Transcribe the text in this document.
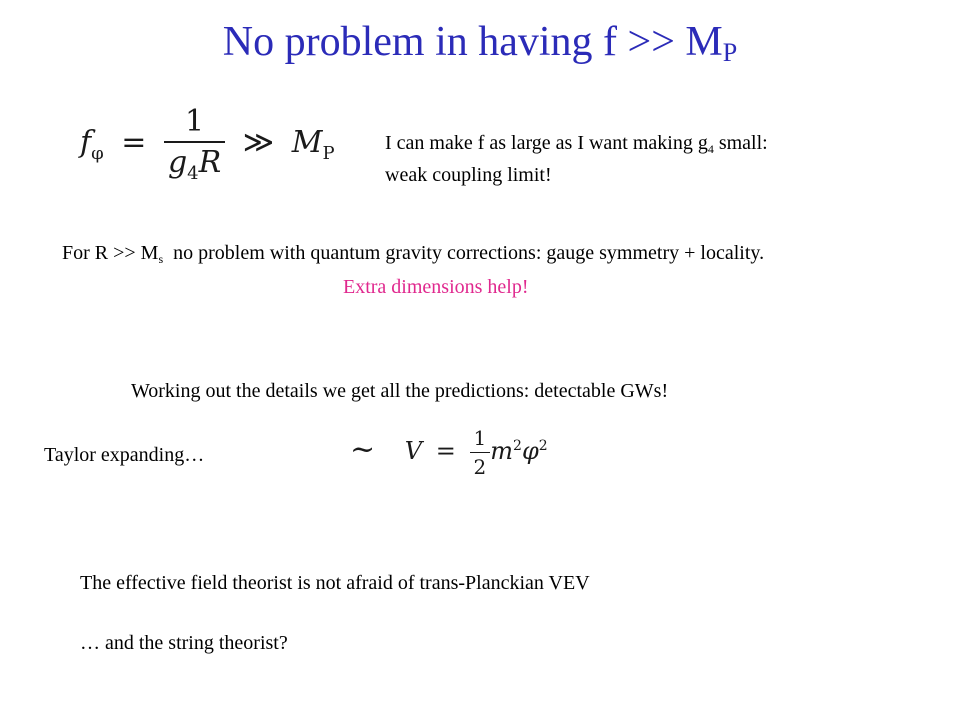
No problem in having $f >> M_P$
$f_\varphi = \frac{1}{g_4R}$ ≫ $M_P$	I can make f as large as I want making $g_4$ small:
weak coupling limit!
For $R >> M_s$  no problem with quantum gravity corrections: gauge symmetry + locality.
Extra dimensions help!
Working out the details we get all the predictions: detectable GWs!
Taylor expanding…	~ $V = \frac{1}{2} m^2\varphi^2$
The effective field theorist is not afraid of trans-Planckian VEV
… and the string theorist?
